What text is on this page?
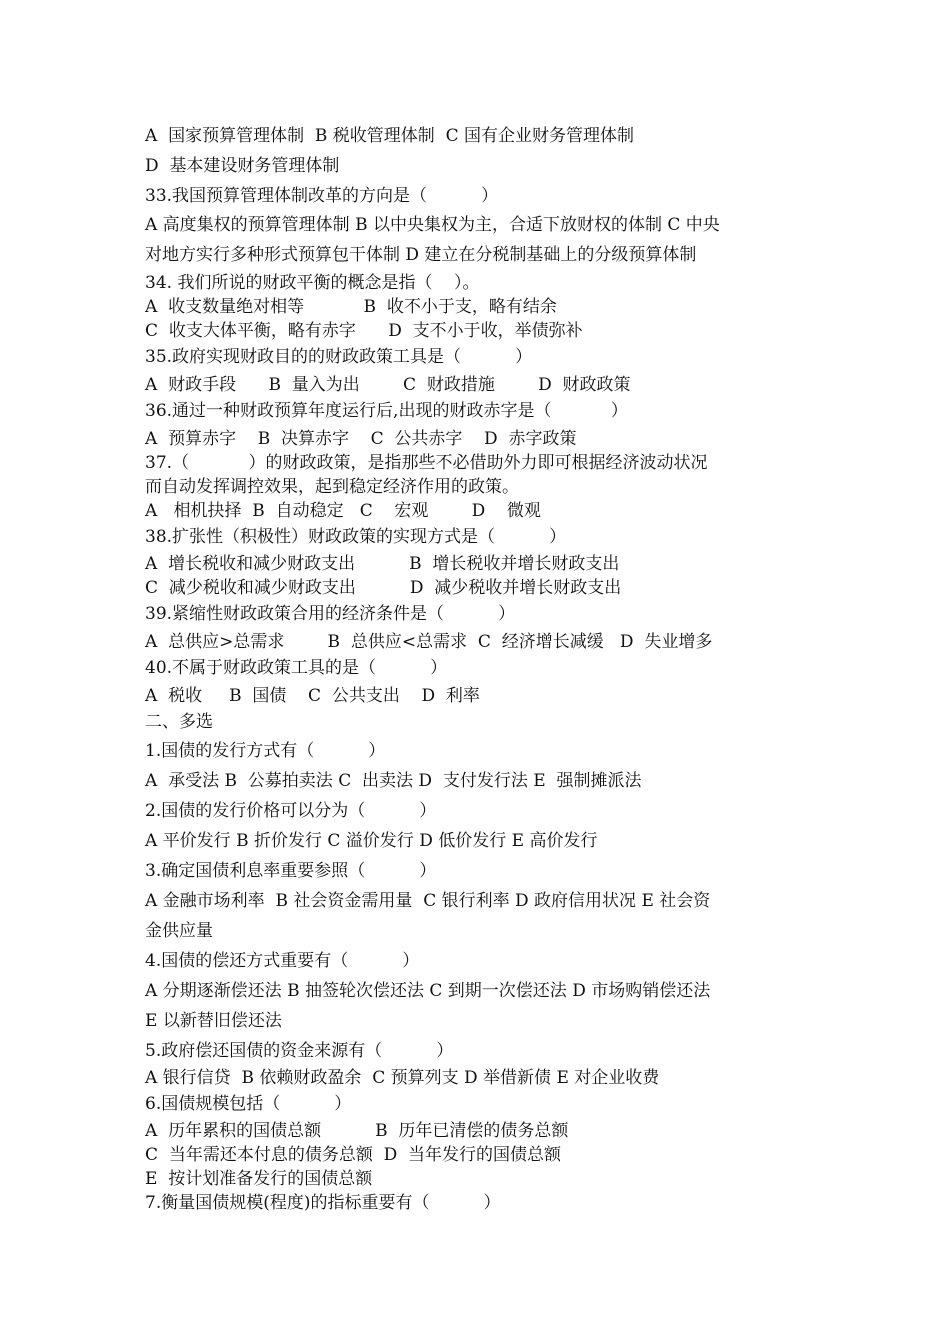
A  国家预算管理体制  B 税收管理体制  C 国有企业财务管理体制
D  基本建设财务管理体制
33.我国预算管理体制改革的方向是（          ）
A 高度集权的预算管理体制 B 以中央集权为主，合适下放财权的体制 C 中央
对地方实行多种形式预算包干体制 D 建立在分税制基础上的分级预算体制
34. 我们所说的财政平衡的概念是指（    ）。
A  收支数量绝对相等           B  收不小于支，略有结余
C  收支大体平衡，略有赤字      D  支不小于收，举债弥补
35.政府实现财政目的的财政政策工具是（          ）
A  财政手段      B  量入为出        C  财政措施        D  财政政策
36.通过一种财政预算年度运行后,出现的财政赤字是（           ）
A  预算赤字    B  决算赤字    C  公共赤字    D  赤字政策
37.（           ）的财政政策，是指那些不必借助外力即可根据经济波动状况
而自动发挥调控效果，起到稳定经济作用的政策。
A   相机抉择  B  自动稳定   C    宏观        D    微观
38.扩张性（积极性）财政政策的实现方式是（          ）
A  增长税收和减少财政支出          B  增长税收并增长财政支出
C  减少税收和减少财政支出          D  减少税收并增长财政支出
39.紧缩性财政政策合用的经济条件是（          ）
A  总供应>总需求        B  总供应<总需求  C  经济增长减缓   D  失业增多
40.不属于财政政策工具的是（          ）
A  税收     B  国债    C  公共支出    D  利率
二、多选
1.国债的发行方式有（          ）
A  承受法 B  公募拍卖法 C  出卖法 D  支付发行法 E  强制摊派法
2.国债的发行价格可以分为（          ）
A 平价发行 B 折价发行 C 溢价发行 D 低价发行 E 高价发行
3.确定国债利息率重要参照（          ）
A 金融市场利率  B 社会资金需用量  C 银行利率 D 政府信用状况 E 社会资
金供应量
4.国债的偿还方式重要有（          ）
A 分期逐渐偿还法 B 抽签轮次偿还法 C 到期一次偿还法 D 市场购销偿还法
E 以新替旧偿还法
5.政府偿还国债的资金来源有（          ）
A 银行信贷  B 依赖财政盈余  C 预算列支 D 举借新债 E 对企业收费
6.国债规模包括（          ）
A  历年累积的国债总额          B  历年已清偿的债务总额
C  当年需还本付息的债务总额  D  当年发行的国债总额
E  按计划准备发行的国债总额
7.衡量国债规模(程度)的指标重要有（          ）
